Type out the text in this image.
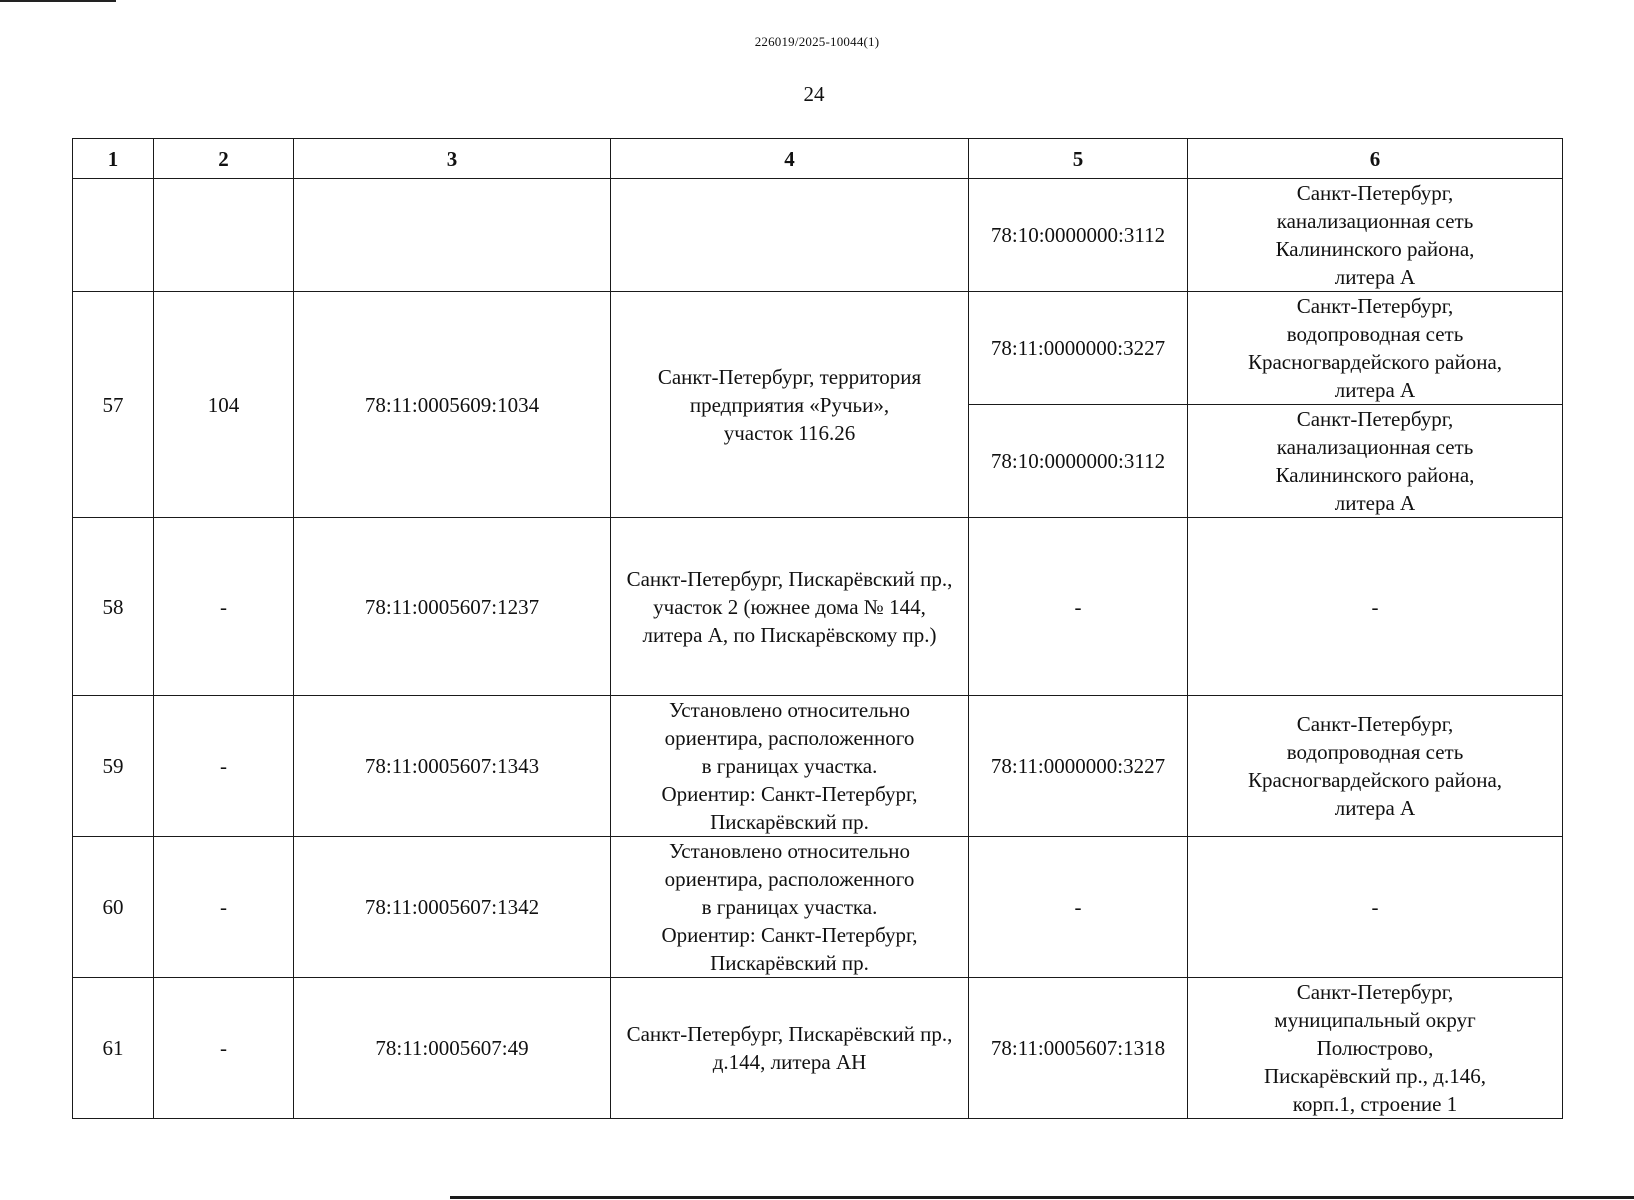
226019/2025-10044(1)
24
1	2	3	4	5	6
				78:10:0000000:3112	Санкт-Петербург,
канализационная сеть
Калининского района,
литера А
57	104	78:11:0005609:1034	Санкт-Петербург, территория
предприятия «Ручьи»,
участок 116.26	78:11:0000000:3227	Санкт-Петербург,
водопроводная сеть
Красногвардейского района,
литера А
				78:10:0000000:3112	Санкт-Петербург,
канализационная сеть
Калининского района,
литера А
58	-	78:11:0005607:1237	Санкт-Петербург, Пискарёвский пр.,
участок 2 (южнее дома № 144,
литера А, по Пискарёвскому пр.)	-	-
59	-	78:11:0005607:1343	Установлено относительно
ориентира, расположенного
в границах участка.
Ориентир: Санкт-Петербург,
Пискарёвский пр.	78:11:0000000:3227	Санкт-Петербург,
водопроводная сеть
Красногвардейского района,
литера А
60	-	78:11:0005607:1342	Установлено относительно
ориентира, расположенного
в границах участка.
Ориентир: Санкт-Петербург,
Пискарёвский пр.	-	-
61	-	78:11:0005607:49	Санкт-Петербург, Пискарёвский пр.,
д.144, литера АН	78:11:0005607:1318	Санкт-Петербург,
муниципальный округ
Полюстрово,
Пискарёвский пр., д.146,
корп.1, строение 1
